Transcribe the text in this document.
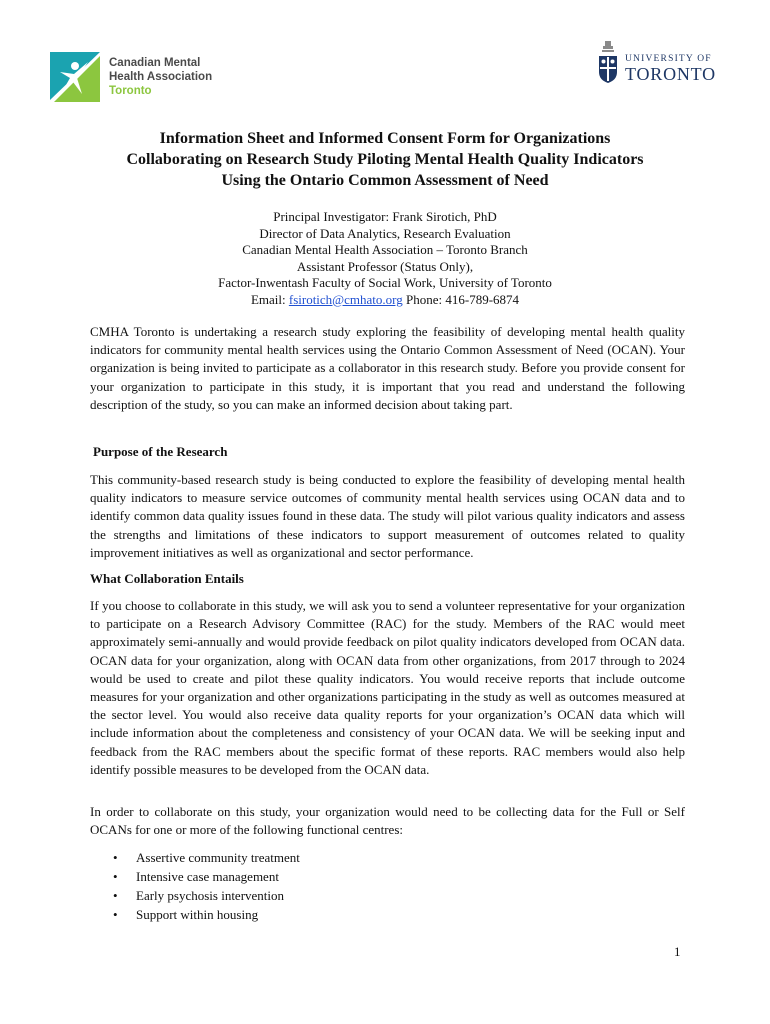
Canadian Mental
Health Association
Toronto
UNIVERSITY OF
TORONTO
Information Sheet and Informed Consent Form for Organizations
Collaborating on Research Study Piloting Mental Health Quality Indicators
Using the Ontario Common Assessment of Need
Principal Investigator: Frank Sirotich, PhD
Director of Data Analytics, Research Evaluation
Canadian Mental Health Association – Toronto Branch
Assistant Professor (Status Only),
Factor-Inwentash Faculty of Social Work, University of Toronto
Email: fsirotich@cmhato.org Phone: 416-789-6874

CMHA Toronto is undertaking a research study exploring the feasibility of developing mental health quality indicators for community mental health services using the Ontario Common Assessment of Need (OCAN). Your organization is being invited to participate as a collaborator in this research study. Before you provide consent for your organization to participate in this study, it is important that you read and understand the following description of the study, so you can make an informed decision about taking part.

Purpose of the Research

This community-based research study is being conducted to explore the feasibility of developing mental health quality indicators to measure service outcomes of community mental health services using OCAN data and to identify common data quality issues found in these data. The study will pilot various quality indicators and assess the strengths and limitations of these indicators to support measurement of outcomes related to quality improvement initiatives as well as organizational and sector performance.

What Collaboration Entails

If you choose to collaborate in this study, we will ask you to send a volunteer representative for your organization to participate on a Research Advisory Committee (RAC) for the study. Members of the RAC would meet approximately semi-annually and would provide feedback on pilot quality indicators developed from OCAN data. OCAN data for your organization, along with OCAN data from other organizations, from 2017 through to 2024 would be used to create and pilot these quality indicators. You would receive reports that include outcome measures for your organization and other organizations participating in the study as well as outcomes measured at the sector level. You would also receive data quality reports for your organization’s OCAN data which will include information about the completeness and consistency of your OCAN data. We will be seeking input and feedback from the RAC members about the specific format of these reports. RAC members would also help identify possible measures to be developed from the OCAN data.

In order to collaborate on this study, your organization would need to be collecting data for the Full or Self OCANs for one or more of the following functional centres:

• Assertive community treatment
• Intensive case management
• Early psychosis intervention
• Support within housing
1
